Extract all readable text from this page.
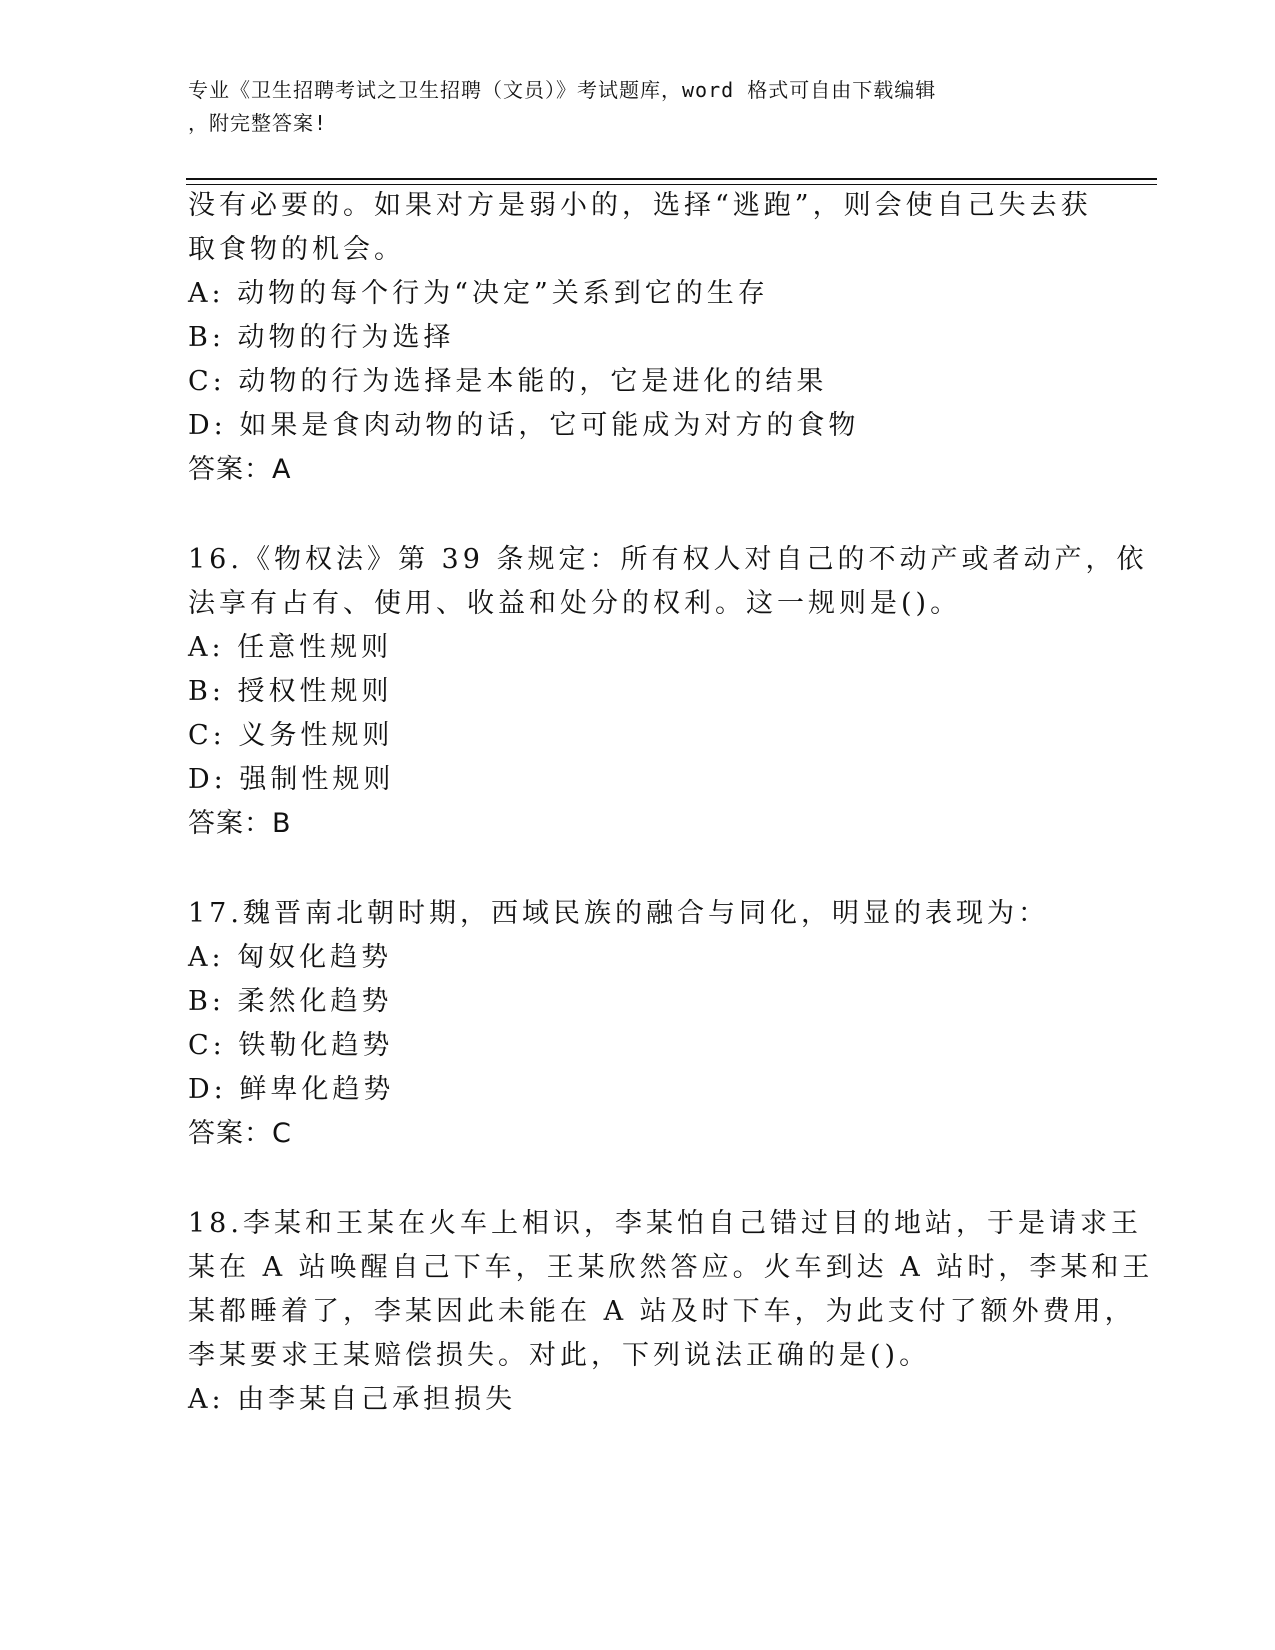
专业《卫生招聘考试之卫生招聘（文员）》考试题库，word 格式可自由下载编辑
，附完整答案!
没有必要的。如果对方是弱小的，选择“逃跑”，则会使自己失去获
取食物的机会。
A: 动物的每个行为“决定”关系到它的生存
B: 动物的行为选择
C: 动物的行为选择是本能的，它是进化的结果
D: 如果是食肉动物的话，它可能成为对方的食物
答案：A
16.《物权法》第 39 条规定：所有权人对自己的不动产或者动产，依
法享有占有、使用、收益和处分的权利。这一规则是()。
A: 任意性规则
B: 授权性规则
C: 义务性规则
D: 强制性规则
答案：B
17.魏晋南北朝时期，西域民族的融合与同化，明显的表现为：
A: 匈奴化趋势
B: 柔然化趋势
C: 铁勒化趋势
D: 鲜卑化趋势
答案：C
18.李某和王某在火车上相识，李某怕自己错过目的地站，于是请求王
某在 A 站唤醒自己下车，王某欣然答应。火车到达 A 站时，李某和王
某都睡着了，李某因此未能在 A 站及时下车，为此支付了额外费用，
李某要求王某赔偿损失。对此，下列说法正确的是()。
A: 由李某自己承担损失
